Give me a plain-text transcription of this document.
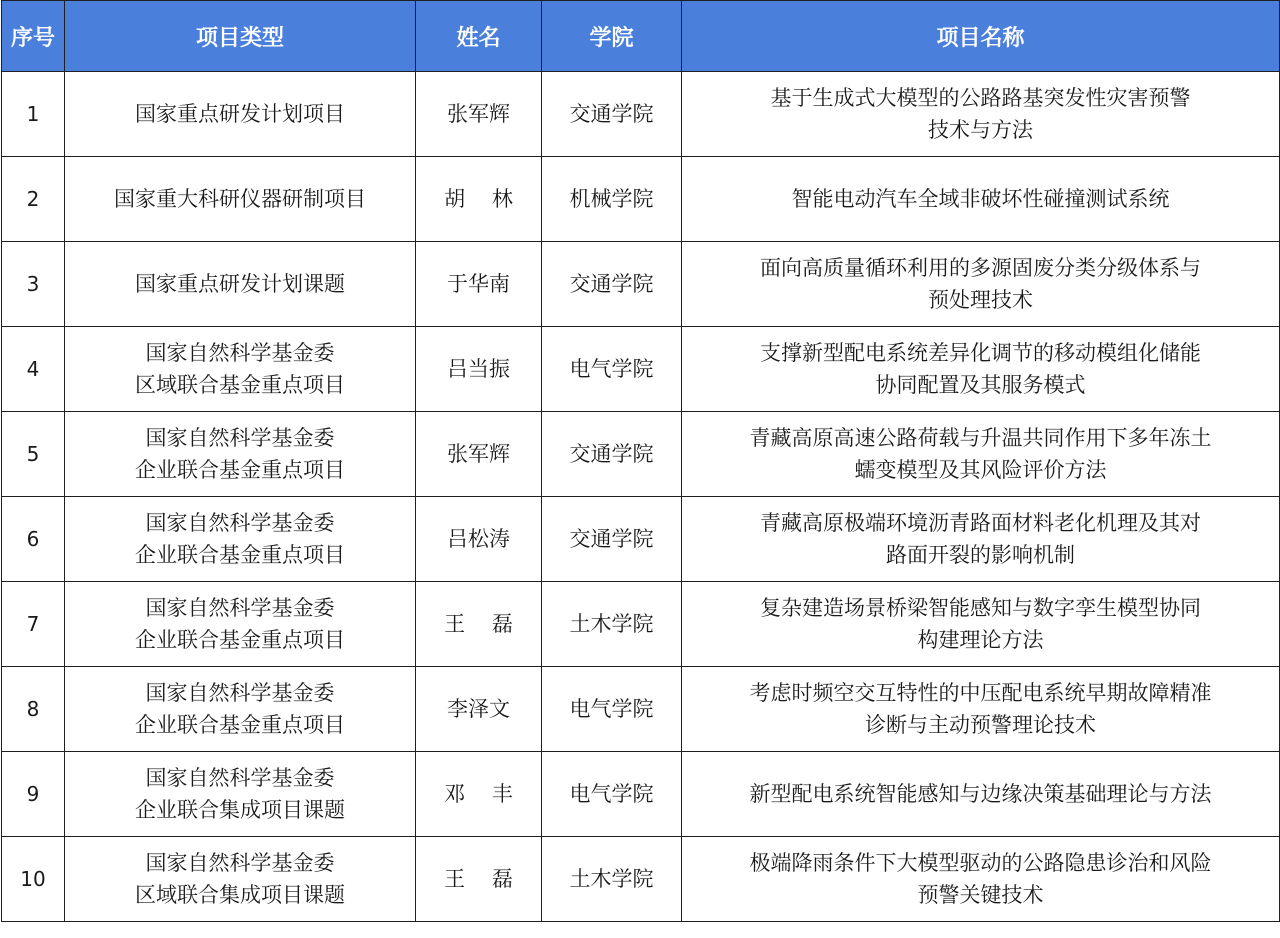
序号	项目类型	姓名	学院	项目名称
1	国家重点研发计划项目	张军辉	交通学院	基于生成式大模型的公路路基突发性灾害预警
技术与方法

2	国家重大科研仪器研制项目	胡    林	机械学院	智能电动汽车全域非破坏性碰撞测试系统

3	国家重点研发计划课题	于华南	交通学院	面向高质量循环利用的多源固废分类分级体系与
预处理技术

4	国家自然科学基金委
区域联合基金重点项目	吕当振	电气学院	支撑新型配电系统差异化调节的移动模组化储能
协同配置及其服务模式

5	国家自然科学基金委
企业联合基金重点项目	张军辉	交通学院	青藏高原高速公路荷载与升温共同作用下多年冻土
蠕变模型及其风险评价方法

6	国家自然科学基金委
企业联合基金重点项目	吕松涛	交通学院	青藏高原极端环境沥青路面材料老化机理及其对
路面开裂的影响机制

7	国家自然科学基金委
企业联合基金重点项目	王    磊	土木学院	复杂建造场景桥梁智能感知与数字孪生模型协同
构建理论方法

8	国家自然科学基金委
企业联合基金重点项目	李泽文	电气学院	考虑时频空交互特性的中压配电系统早期故障精准
诊断与主动预警理论技术

9	国家自然科学基金委
企业联合集成项目课题	邓    丰	电气学院	新型配电系统智能感知与边缘决策基础理论与方法

10	国家自然科学基金委
区域联合集成项目课题	王    磊	土木学院	极端降雨条件下大模型驱动的公路隐患诊治和风险
预警关键技术
